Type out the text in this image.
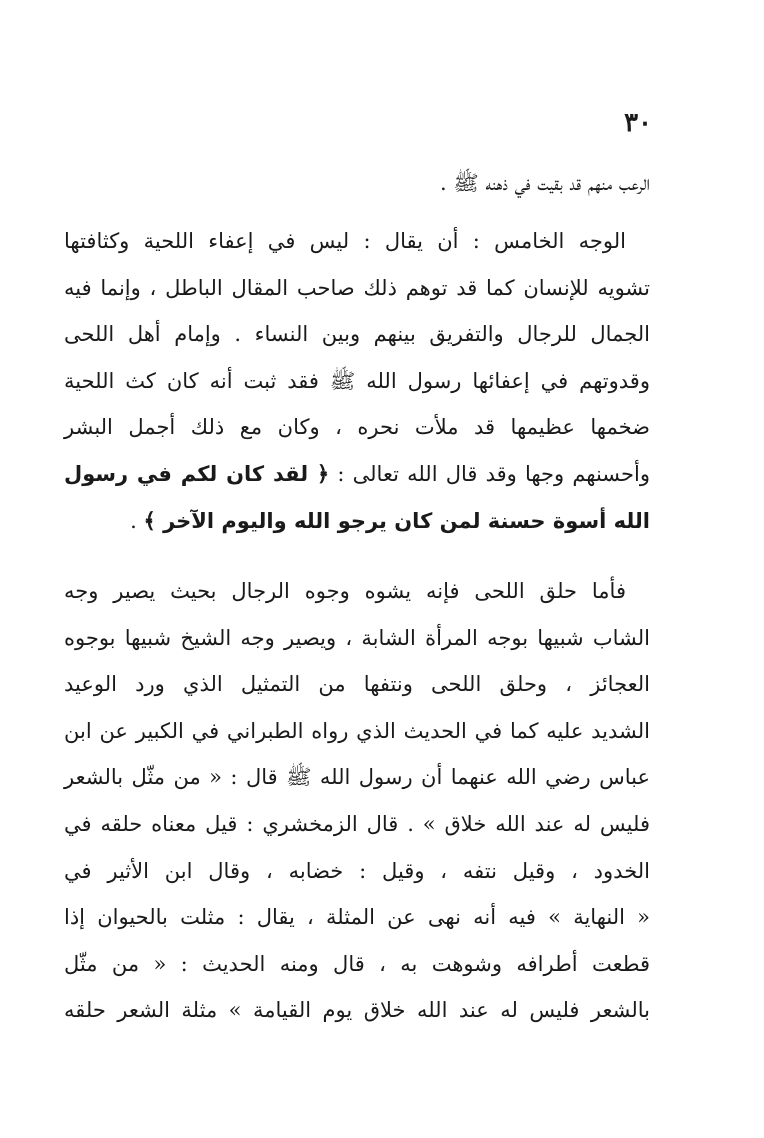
٣٠
الرعب منهم قد بقيت في ذهنه ﷺ .
الوجه الخامس : أن يقال : ليس في إعفاء اللحية وكثافتها
تشويه للإنسان كما قد توهم ذلك صاحب المقال الباطل ، وإنما فيه
الجمال للرجال والتفريق بينهم وبين النساء . وإمام أهل اللحى
وقدوتهم في إعفائها رسول الله ﷺ فقد ثبت أنه كان كث اللحية
ضخمها عظيمها قد ملأت نحره ، وكان مع ذلك أجمل البشر
وأحسنهم وجها وقد قال الله تعالى : ﴿ لقد كان لكم في رسول
الله أسوة حسنة لمن كان يرجو الله واليوم الآخر ﴾ .
فأما حلق اللحى فإنه يشوه وجوه الرجال بحيث يصير وجه
الشاب شبيها بوجه المرأة الشابة ، ويصير وجه الشيخ شبيها بوجوه
العجائز ، وحلق اللحى ونتفها من التمثيل الذي ورد الوعيد
الشديد عليه كما في الحديث الذي رواه الطبراني في الكبير عن ابن
عباس رضي الله عنهما أن رسول الله ﷺ قال : « من مثّل بالشعر
فليس له عند الله خلاق » . قال الزمخشري : قيل معناه حلقه في
الخدود ، وقيل نتفه ، وقيل : خضابه ، وقال ابن الأثير في
« النهاية » فيه أنه نهى عن المثلة ، يقال : مثلت بالحيوان إذا
قطعت أطرافه وشوهت به ، قال ومنه الحديث : « من مثّل
بالشعر فليس له عند الله خلاق يوم القيامة » مثلة الشعر حلقه
